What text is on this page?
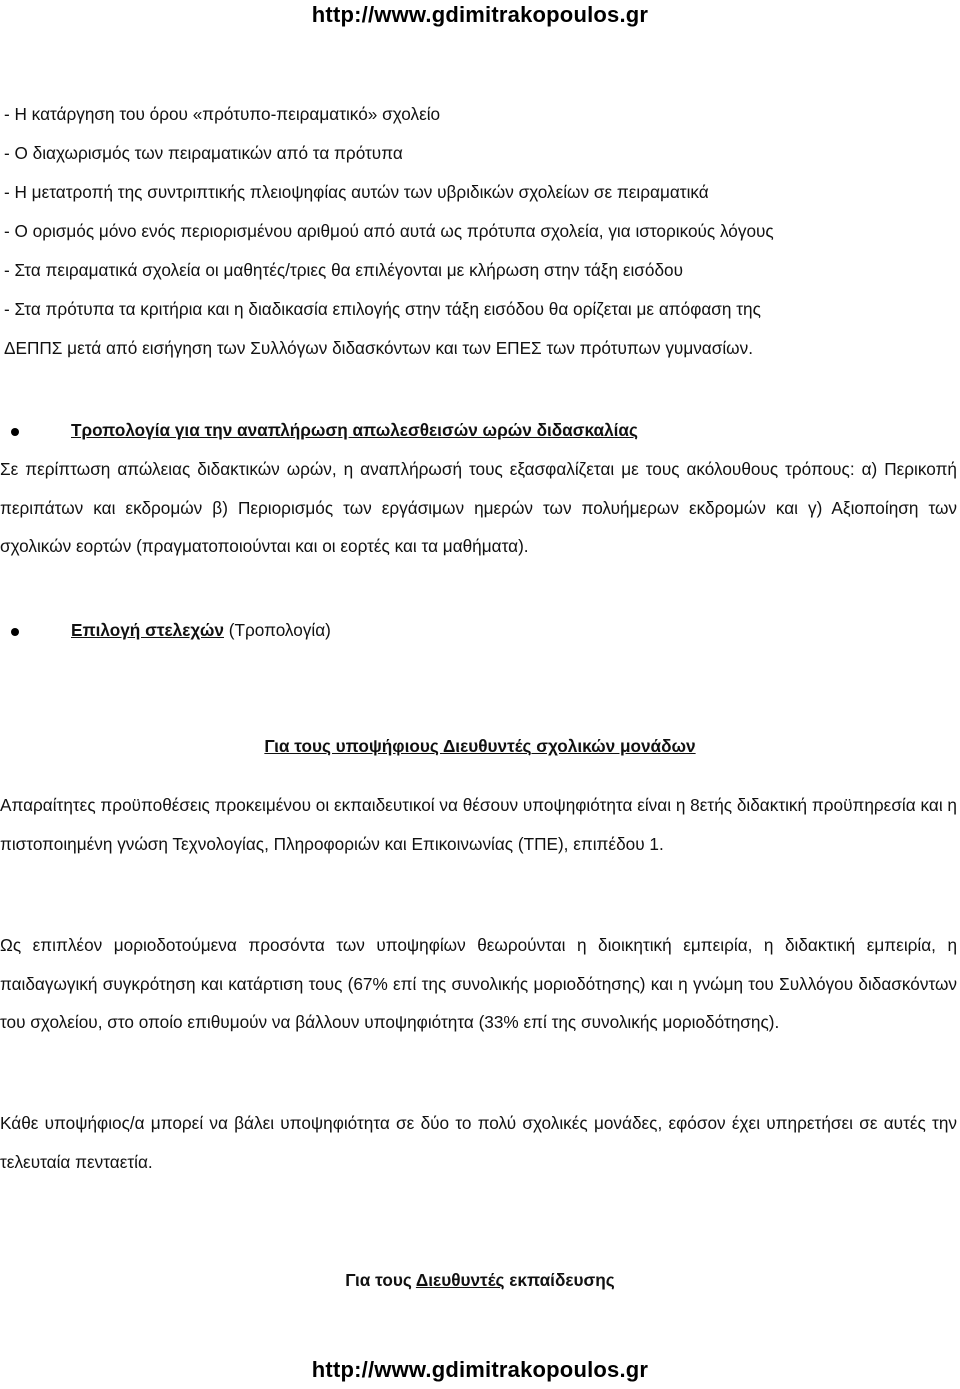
http://www.gdimitrakopoulos.gr
- Η κατάργηση του όρου «πρότυπο-πειραματικό» σχολείο
- Ο διαχωρισμός των πειραματικών από τα πρότυπα
- Η μετατροπή της συντριπτικής πλειοψηφίας αυτών των υβριδικών σχολείων σε πειραματικά
- Ο ορισμός μόνο ενός περιορισμένου αριθμού από αυτά ως πρότυπα σχολεία, για ιστορικούς λόγους
- Στα πειραματικά σχολεία οι μαθητές/τριες θα επιλέγονται με κλήρωση στην τάξη εισόδου
- Στα πρότυπα τα κριτήρια και η διαδικασία επιλογής στην τάξη εισόδου θα ορίζεται με απόφαση της
ΔΕΠΠΣ μετά από εισήγηση των Συλλόγων διδασκόντων και των ΕΠΕΣ των πρότυπων γυμνασίων.
Τροπολογία για την αναπλήρωση απωλεσθεισών ωρών διδασκαλίας
Σε περίπτωση απώλειας διδακτικών ωρών, η αναπλήρωσή τους εξασφαλίζεται με τους ακόλουθους τρόπους: α) Περικοπή περιπάτων και εκδρομών β) Περιορισμός των εργάσιμων ημερών των πολυήμερων εκδρομών και γ) Αξιοποίηση των σχολικών εορτών (πραγματοποιούνται και οι εορτές και τα μαθήματα).
Επιλογή στελεχών (Τροπολογία)
Για τους υποψήφιους Διευθυντές σχολικών μονάδων
Απαραίτητες προϋποθέσεις προκειμένου οι εκπαιδευτικοί να θέσουν υποψηφιότητα είναι η 8ετής διδακτική προϋπηρεσία και η πιστοποιημένη γνώση Τεχνολογίας, Πληροφοριών και Επικοινωνίας (ΤΠΕ), επιπέδου 1.
Ως επιπλέον μοριοδοτούμενα προσόντα των υποψηφίων θεωρούνται η διοικητική εμπειρία, η διδακτική εμπειρία, η παιδαγωγική συγκρότηση και κατάρτιση τους (67% επί της συνολικής μοριοδότησης) και η γνώμη του Συλλόγου διδασκόντων του σχολείου, στο οποίο επιθυμούν να βάλλουν υποψηφιότητα (33% επί της συνολικής μοριοδότησης).
Κάθε υποψήφιος/α μπορεί να βάλει υποψηφιότητα σε δύο το πολύ σχολικές μονάδες, εφόσον έχει υπηρετήσει σε αυτές την τελευταία πενταετία.
Για τους Διευθυντές εκπαίδευσης
http://www.gdimitrakopoulos.gr
